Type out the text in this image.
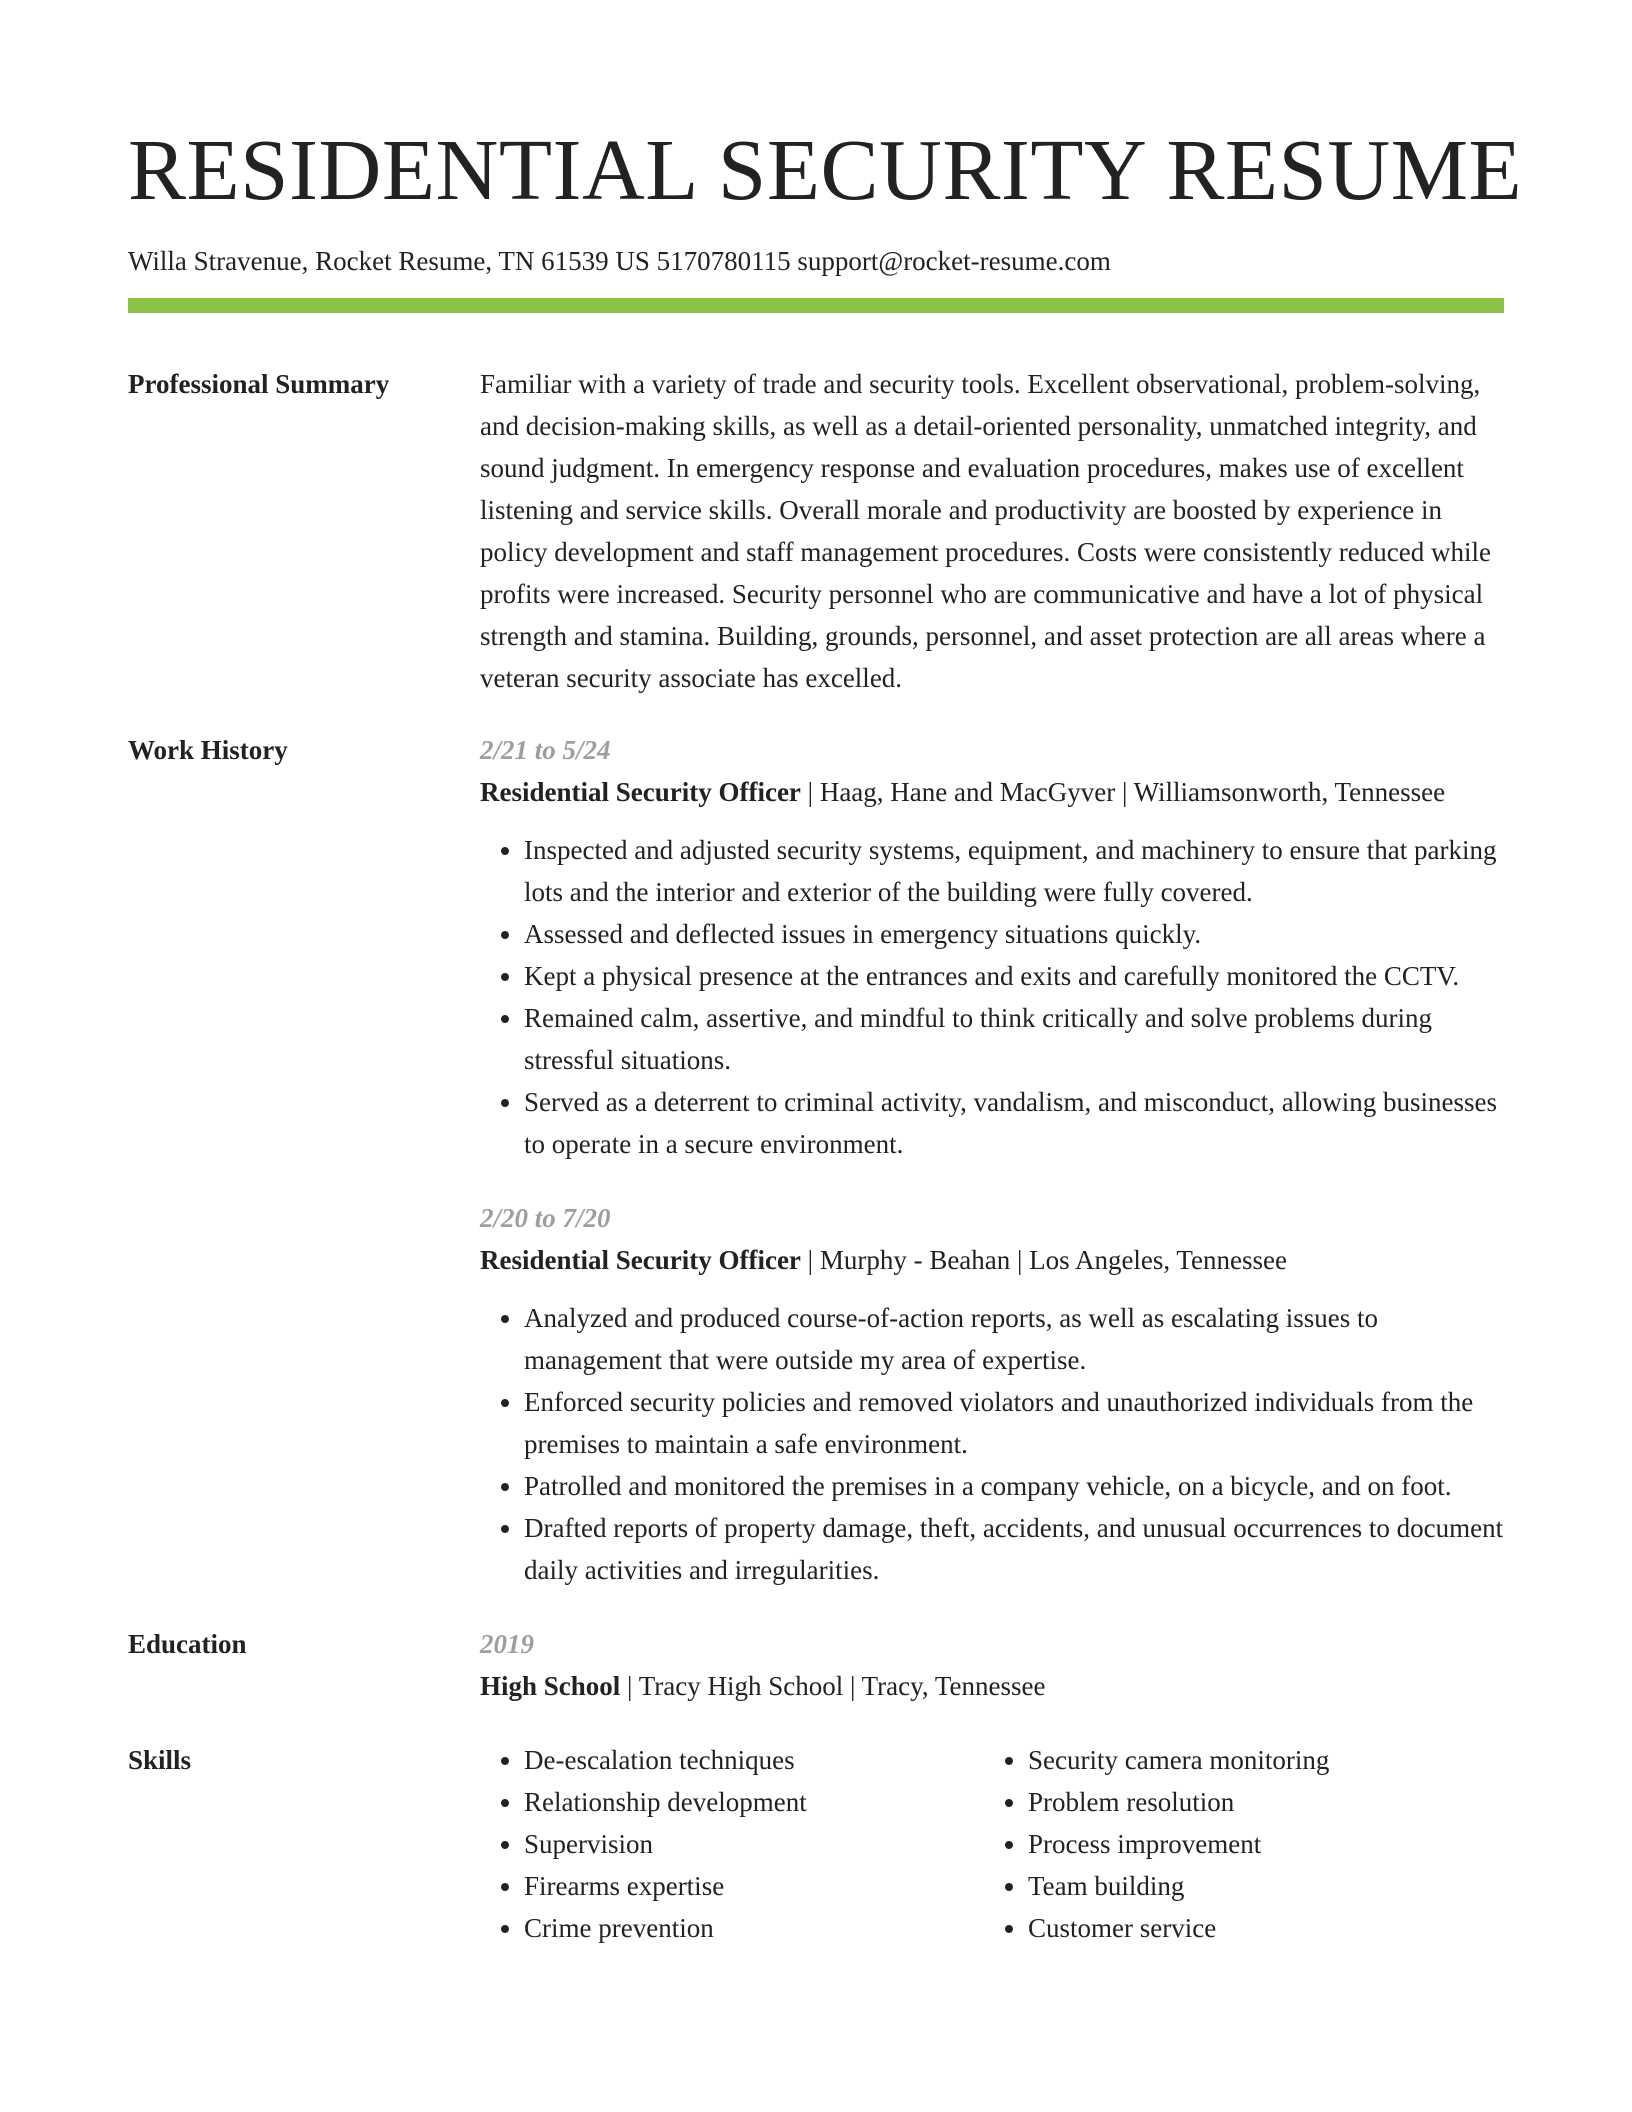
RESIDENTIAL SECURITY RESUME
Willa Stravenue, Rocket Resume, TN 61539 US 5170780115 support@rocket-resume.com
Professional Summary	Familiar with a variety of trade and security tools. Excellent observational, problem-solving, and decision-making skills, as well as a detail-oriented personality, unmatched integrity, and sound judgment. In emergency response and evaluation procedures, makes use of excellent listening and service skills. Overall morale and productivity are boosted by experience in policy development and staff management procedures. Costs were consistently reduced while profits were increased. Security personnel who are communicative and have a lot of physical strength and stamina. Building, grounds, personnel, and asset protection are all areas where a veteran security associate has excelled.

Work History	2/21 to 5/24
Residential Security Officer | Haag, Hane and MacGyver | Williamsonworth, Tennessee
• Inspected and adjusted security systems, equipment, and machinery to ensure that parking lots and the interior and exterior of the building were fully covered.
• Assessed and deflected issues in emergency situations quickly.
• Kept a physical presence at the entrances and exits and carefully monitored the CCTV.
• Remained calm, assertive, and mindful to think critically and solve problems during stressful situations.
• Served as a deterrent to criminal activity, vandalism, and misconduct, allowing businesses to operate in a secure environment.
2/20 to 7/20
Residential Security Officer | Murphy - Beahan | Los Angeles, Tennessee
• Analyzed and produced course-of-action reports, as well as escalating issues to management that were outside my area of expertise.
• Enforced security policies and removed violators and unauthorized individuals from the premises to maintain a safe environment.
• Patrolled and monitored the premises in a company vehicle, on a bicycle, and on foot.
• Drafted reports of property damage, theft, accidents, and unusual occurrences to document daily activities and irregularities.
Education	2019
High School | Tracy High School | Tracy, Tennessee
Skills
•	De-escalation techniques
• Relationship development
• Supervision
• Firearms expertise
• Crime prevention
• Security camera monitoring
• Problem resolution
• Process improvement
• Team building
• Customer service
